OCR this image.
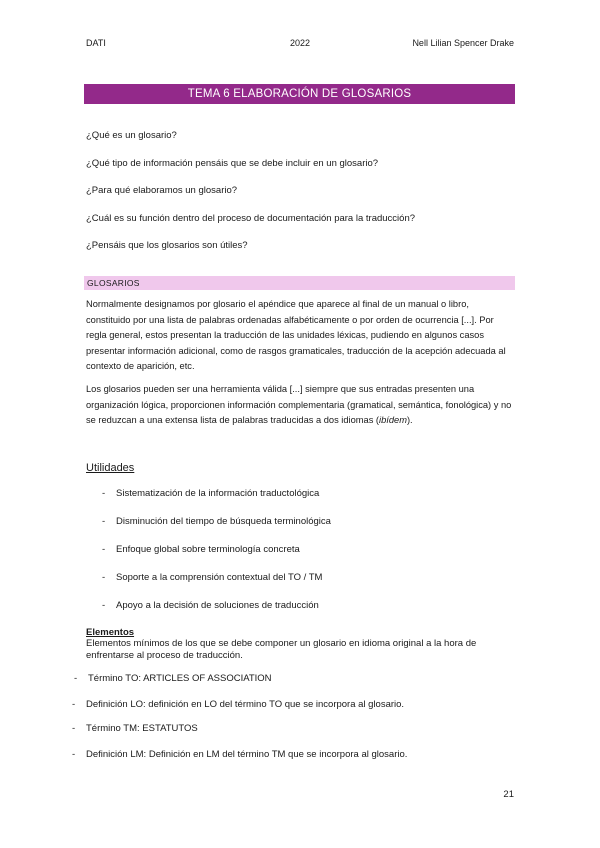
DATI	2022	Nell Lilian Spencer Drake
TEMA 6 ELABORACIÓN DE GLOSARIOS
¿Qué es un glosario?
¿Qué tipo de información pensáis que se debe incluir en un glosario?
¿Para qué elaboramos un glosario?
¿Cuál es su función dentro del proceso de documentación para la traducción?
¿Pensáis que los glosarios son útiles?
GLOSARIOS

Normalmente designamos por glosario el apéndice que aparece al final de un manual o libro, constituido por una lista de palabras ordenadas alfabéticamente o por orden de ocurrencia [...]. Por regla general, estos presentan la traducción de las unidades léxicas, pudiendo en algunos casos presentar información adicional, como de rasgos gramaticales, traducción de la acepción adecuada al contexto de aparición, etc.

Los glosarios pueden ser una herramienta válida [...] siempre que sus entradas presenten una organización lógica, proporcionen información complementaria (gramatical, semántica, fonológica) y no se reduzcan a una extensa lista de palabras traducidas a dos idiomas (ibídem).

Utilidades
- Sistematización de la información traductológica
- Disminución del tiempo de búsqueda terminológica
- Enfoque global sobre terminología concreta
- Soporte a la comprensión contextual del TO / TM
- Apoyo a la decisión de soluciones de traducción
Elementos
Elementos mínimos de los que se debe componer un glosario en idioma original a la hora de enfrentarse al proceso de traducción.
- Término TO: ARTICLES OF ASSOCIATION
- Definición LO: definición en LO del término TO que se incorpora al glosario.
- Término TM: ESTATUTOS
- Definición LM: Definición en LM del término TM que se incorpora al glosario.
21
